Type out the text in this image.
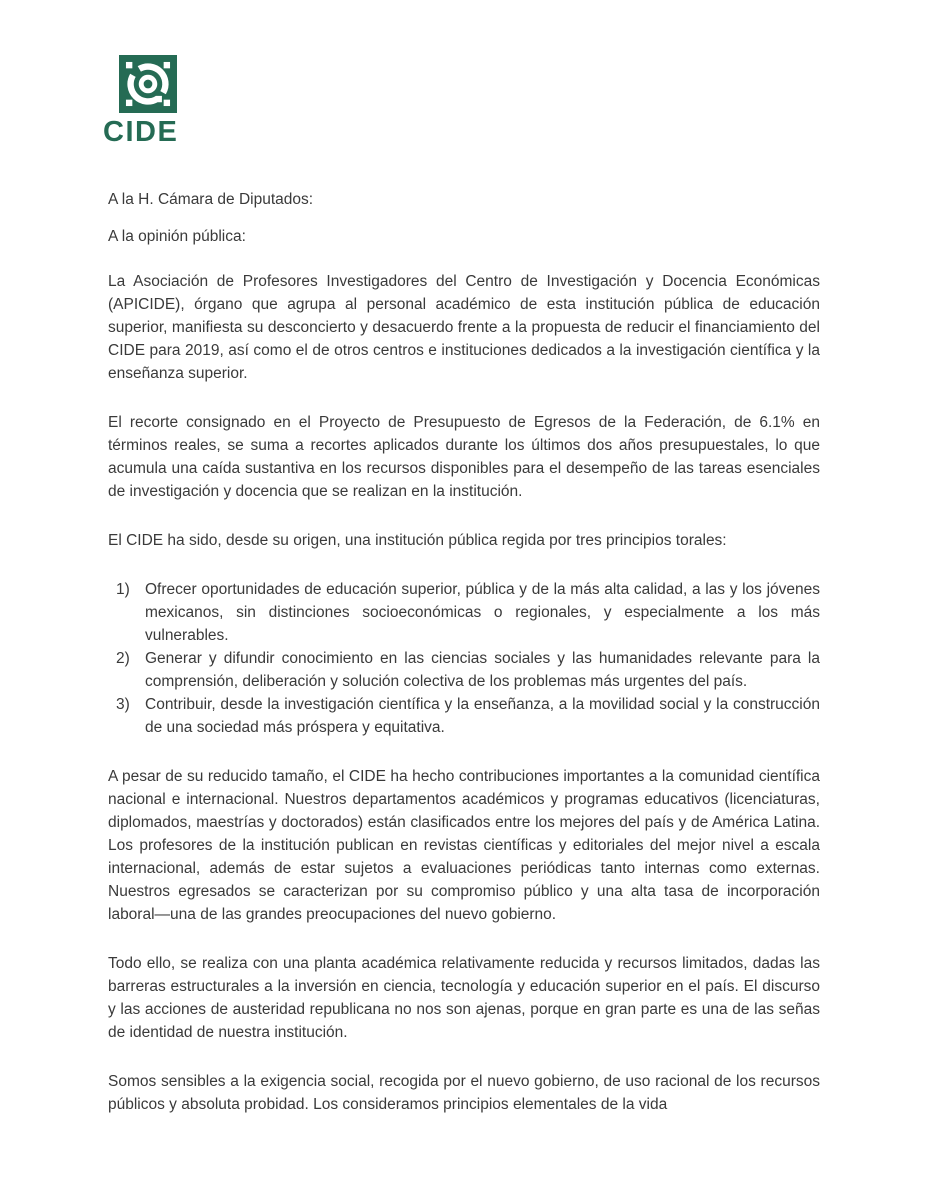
CIDE

A la H. Cámara de Diputados:

A la opinión pública:

La Asociación de Profesores Investigadores del Centro de Investigación y Docencia Económicas (APICIDE), órgano que agrupa al personal académico de esta institución pública de educación superior, manifiesta su desconcierto y desacuerdo frente a la propuesta de reducir el financiamiento del CIDE para 2019, así como el de otros centros e instituciones dedicados a la investigación científica y la enseñanza superior.

El recorte consignado en el Proyecto de Presupuesto de Egresos de la Federación, de 6.1% en términos reales, se suma a recortes aplicados durante los últimos dos años presupuestales, lo que acumula una caída sustantiva en los recursos disponibles para el desempeño de las tareas esenciales de investigación y docencia que se realizan en la institución.

El CIDE ha sido, desde su origen, una institución pública regida por tres principios torales:

1) Ofrecer oportunidades de educación superior, pública y de la más alta calidad, a las y los jóvenes mexicanos, sin distinciones socioeconómicas o regionales, y especialmente a los más vulnerables.
2) Generar y difundir conocimiento en las ciencias sociales y las humanidades relevante para la comprensión, deliberación y solución colectiva de los problemas más urgentes del país.
3) Contribuir, desde la investigación científica y la enseñanza, a la movilidad social y la construcción de una sociedad más próspera y equitativa.

A pesar de su reducido tamaño, el CIDE ha hecho contribuciones importantes a la comunidad científica nacional e internacional. Nuestros departamentos académicos y programas educativos (licenciaturas, diplomados, maestrías y doctorados) están clasificados entre los mejores del país y de América Latina. Los profesores de la institución publican en revistas científicas y editoriales del mejor nivel a escala internacional, además de estar sujetos a evaluaciones periódicas tanto internas como externas. Nuestros egresados se caracterizan por su compromiso público y una alta tasa de incorporación laboral—una de las grandes preocupaciones del nuevo gobierno.

Todo ello, se realiza con una planta académica relativamente reducida y recursos limitados, dadas las barreras estructurales a la inversión en ciencia, tecnología y educación superior en el país. El discurso y las acciones de austeridad republicana no nos son ajenas, porque en gran parte es una de las señas de identidad de nuestra institución.

Somos sensibles a la exigencia social, recogida por el nuevo gobierno, de uso racional de los recursos públicos y absoluta probidad. Los consideramos principios elementales de la vida
